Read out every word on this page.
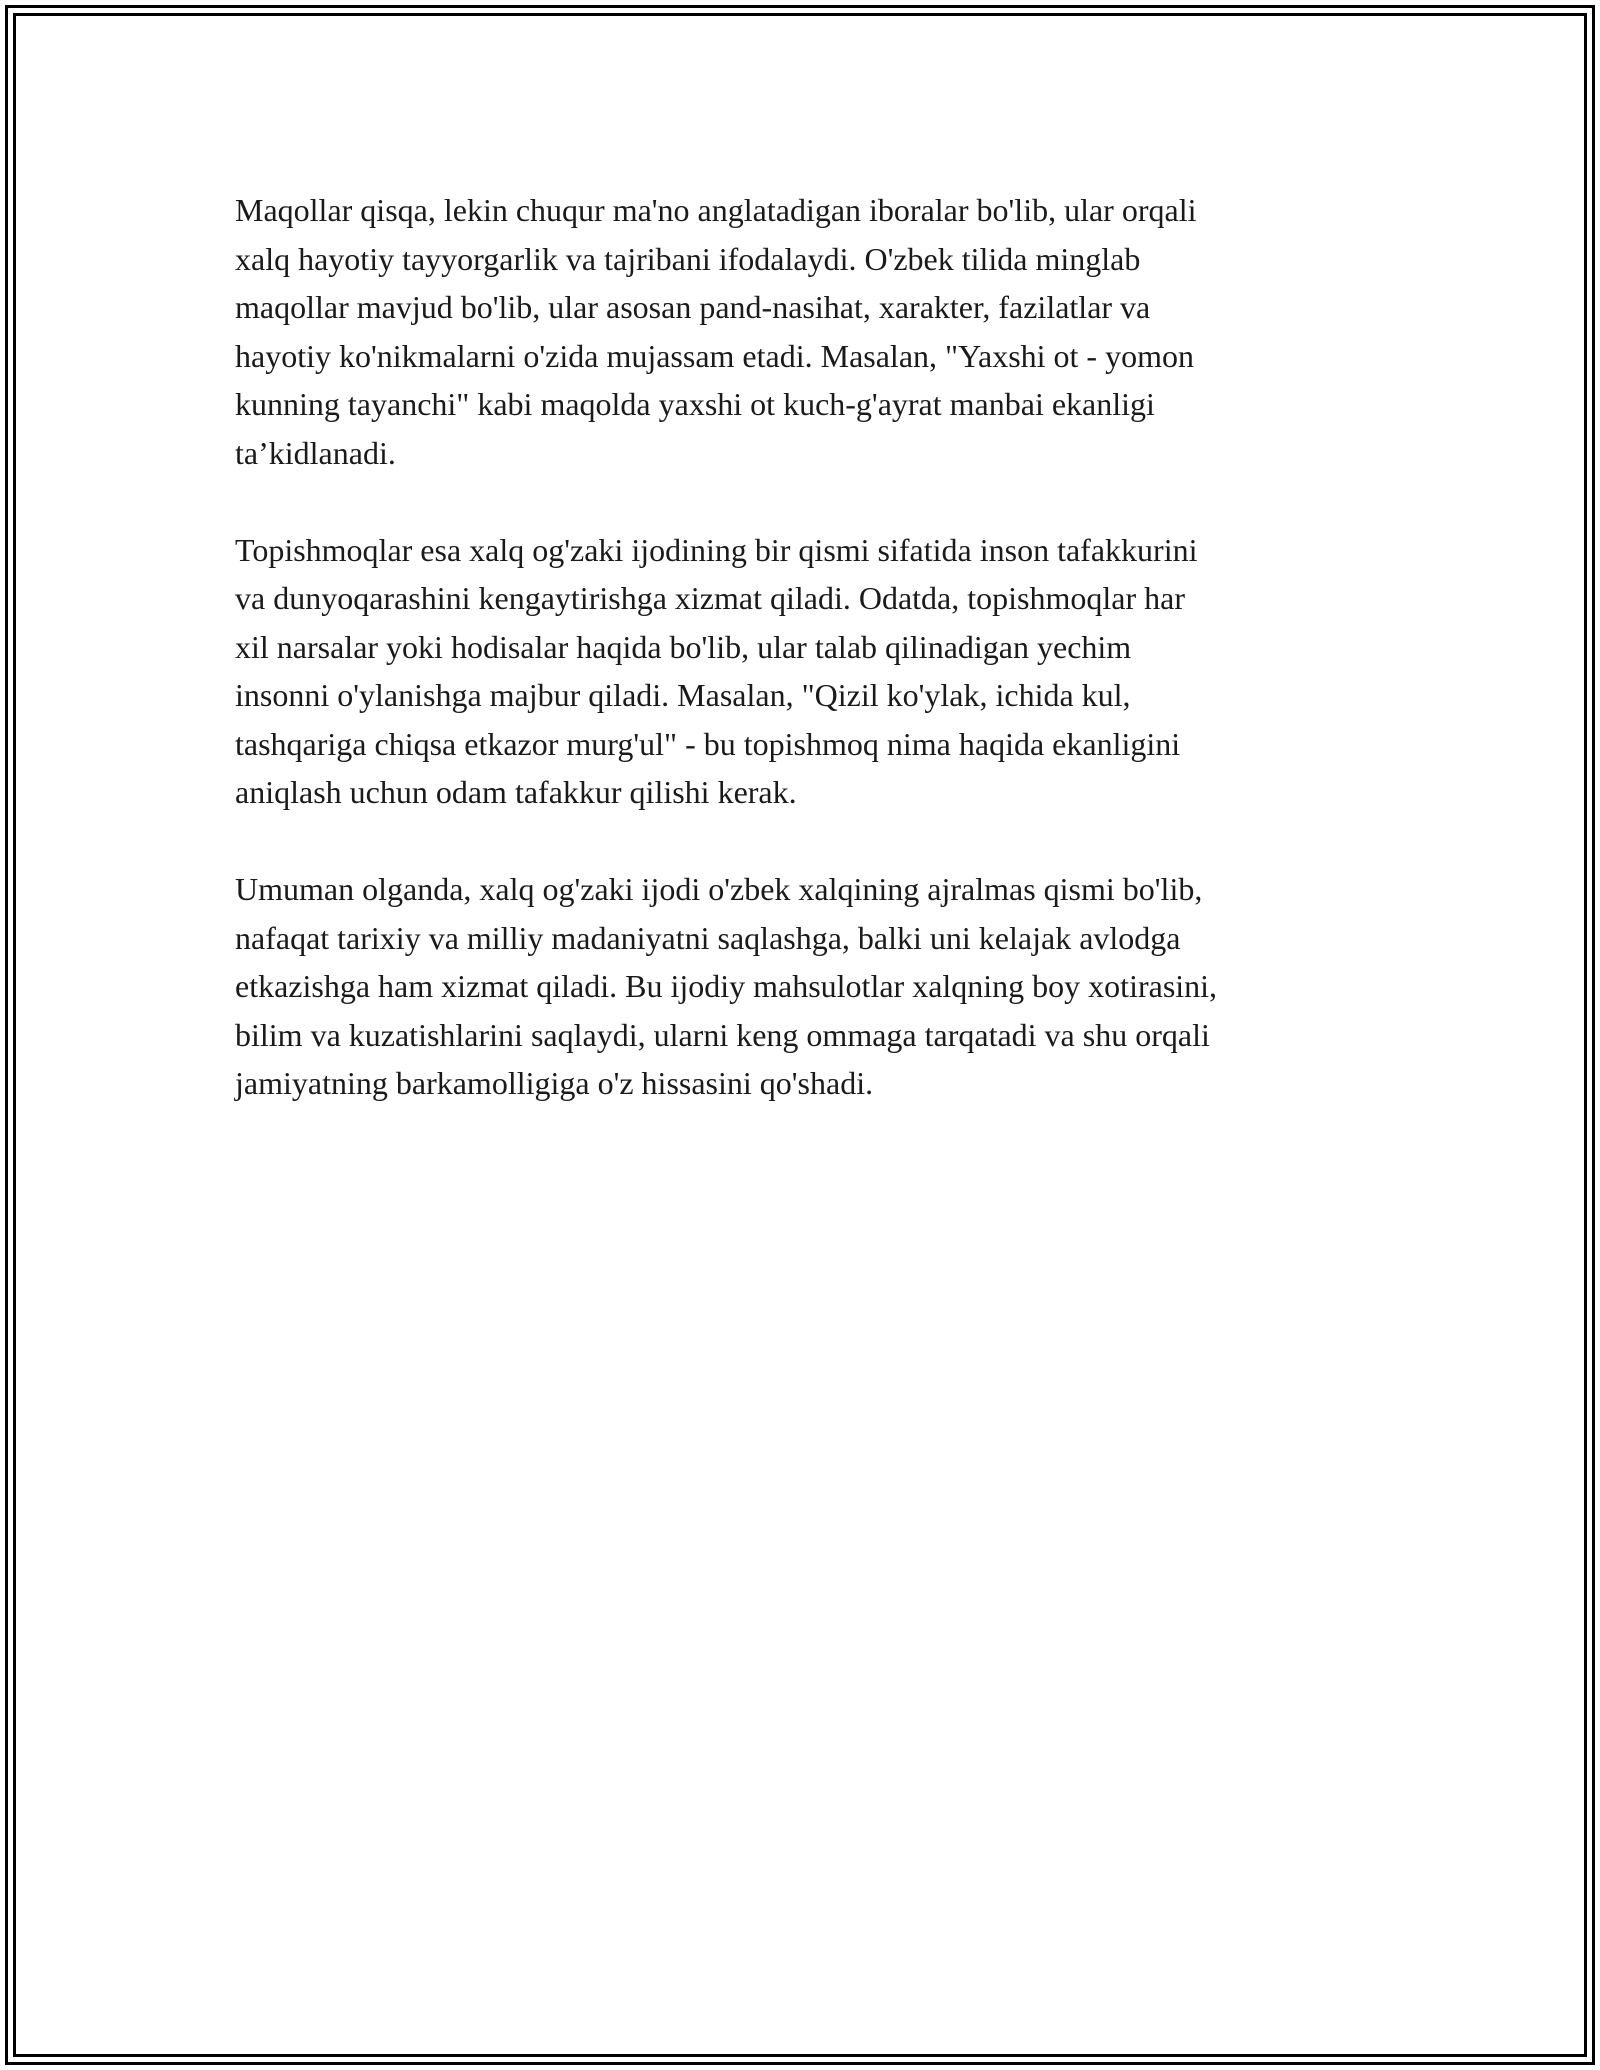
Maqollar qisqa, lekin chuqur ma'no anglatadigan iboralar bo'lib, ular orqali
xalq hayotiy tayyorgarlik va tajribani ifodalaydi. O'zbek tilida minglab
maqollar mavjud bo'lib, ular asosan pand-nasihat, xarakter, fazilatlar va
hayotiy ko'nikmalarni o'zida mujassam etadi. Masalan, "Yaxshi ot - yomon
kunning tayanchi" kabi maqolda yaxshi ot kuch-g'ayrat manbai ekanligi
ta’kidlanadi.

Topishmoqlar esa xalq og'zaki ijodining bir qismi sifatida inson tafakkurini
va dunyoqarashini kengaytirishga xizmat qiladi. Odatda, topishmoqlar har
xil narsalar yoki hodisalar haqida bo'lib, ular talab qilinadigan yechim
insonni o'ylanishga majbur qiladi. Masalan, "Qizil ko'ylak, ichida kul,
tashqariga chiqsa etkazor murg'ul" - bu topishmoq nima haqida ekanligini
aniqlash uchun odam tafakkur qilishi kerak.

Umuman olganda, xalq og'zaki ijodi o'zbek xalqining ajralmas qismi bo'lib,
nafaqat tarixiy va milliy madaniyatni saqlashga, balki uni kelajak avlodga
etkazishga ham xizmat qiladi. Bu ijodiy mahsulotlar xalqning boy xotirasini,
bilim va kuzatishlarini saqlaydi, ularni keng ommaga tarqatadi va shu orqali
jamiyatning barkamolligiga o'z hissasini qo'shadi.
